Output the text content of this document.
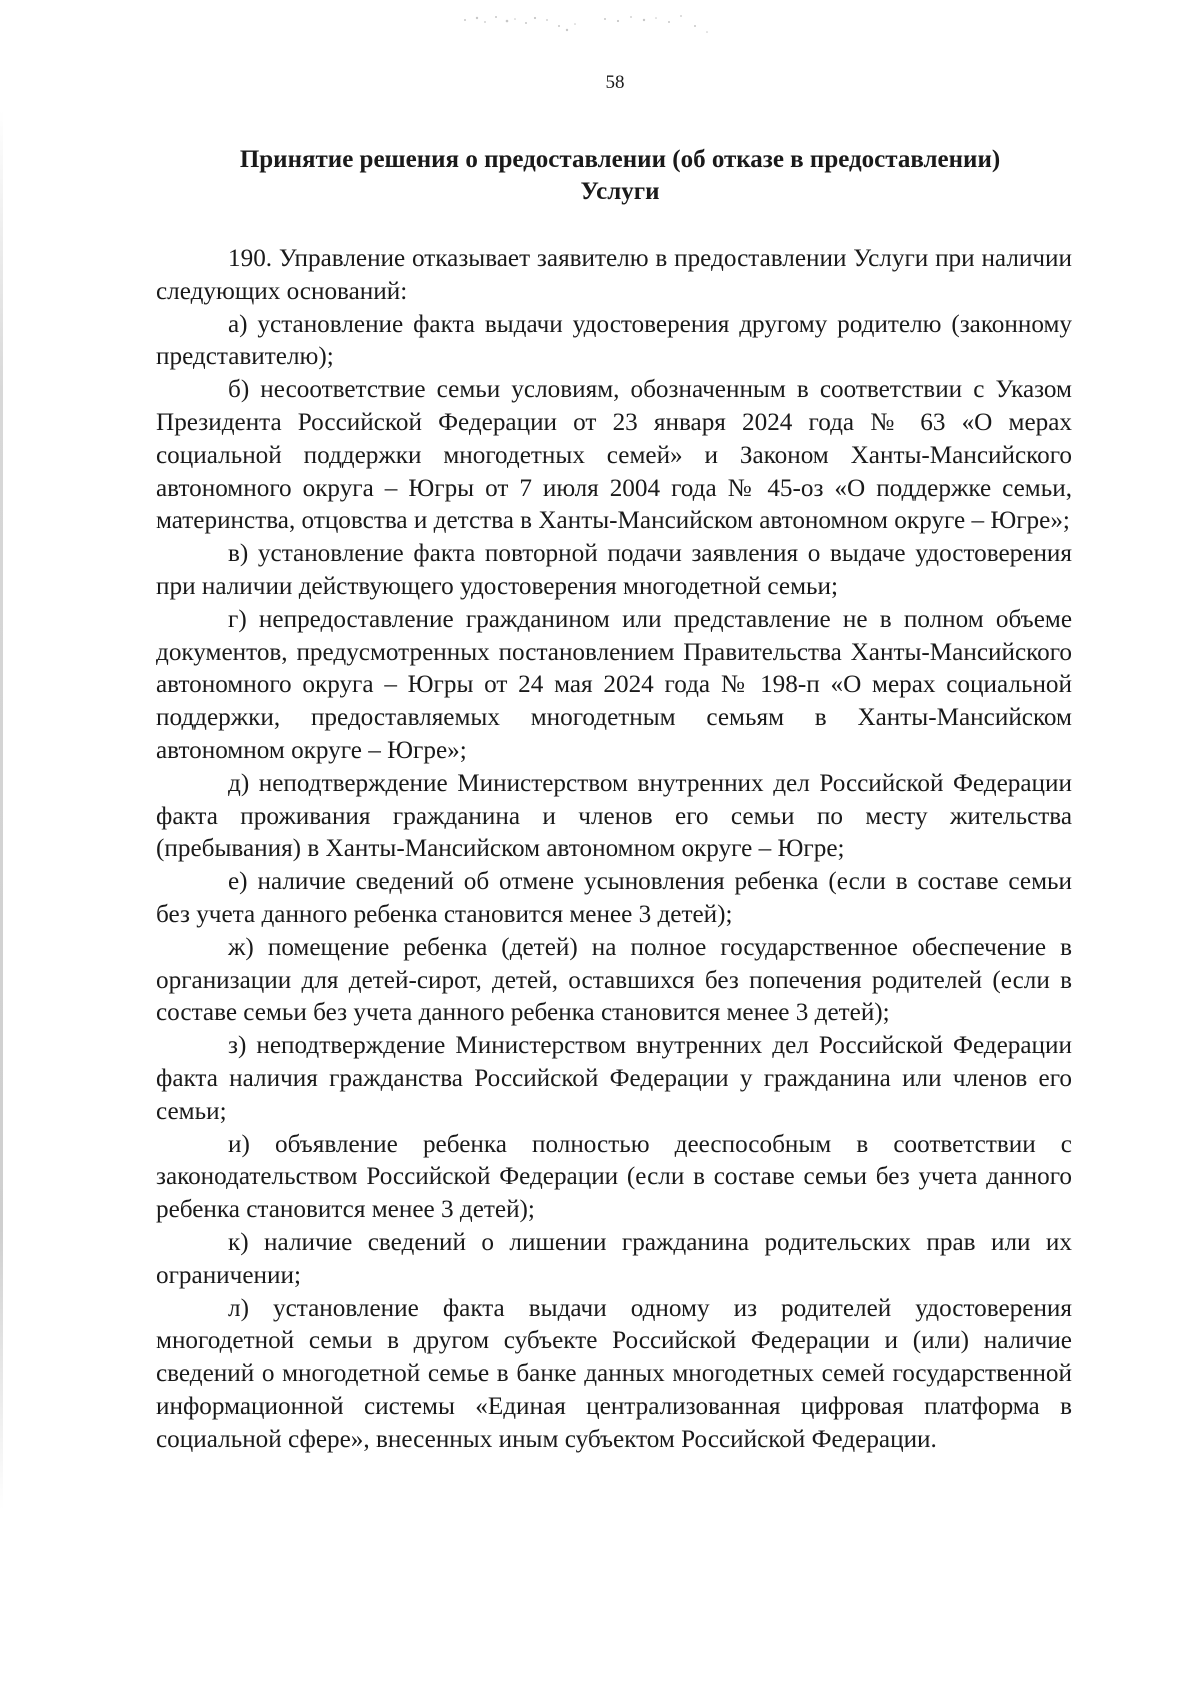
58
Принятие решения о предоставлении (об отказе в предоставлении)
Услуги

190. Управление отказывает заявителю в предоставлении Услуги при наличии следующих оснований:

а) установление факта выдачи удостоверения другому родителю (законному представителю);

б) несоответствие семьи условиям, обозначенным в соответствии с Указом Президента Российской Федерации от 23 января 2024 года № 63 «О мерах социальной поддержки многодетных семей» и Законом Ханты-Мансийского автономного округа – Югры от 7 июля 2004 года № 45-оз «О поддержке семьи, материнства, отцовства и детства в Ханты-Мансийском автономном округе – Югре»;

в) установление факта повторной подачи заявления о выдаче удостоверения при наличии действующего удостоверения многодетной семьи;

г) непредоставление гражданином или представление не в полном объеме документов, предусмотренных постановлением Правительства Ханты-Мансийского автономного округа – Югры от 24 мая 2024 года № 198-п «О мерах социальной поддержки, предоставляемых многодетным семьям в Ханты-Мансийском автономном округе – Югре»;

д) неподтверждение Министерством внутренних дел Российской Федерации факта проживания гражданина и членов его семьи по месту жительства (пребывания) в Ханты-Мансийском автономном округе – Югре;

е) наличие сведений об отмене усыновления ребенка (если в составе семьи без учета данного ребенка становится менее 3 детей);

ж) помещение ребенка (детей) на полное государственное обеспечение в организации для детей-сирот, детей, оставшихся без попечения родителей (если в составе семьи без учета данного ребенка становится менее 3 детей);

з) неподтверждение Министерством внутренних дел Российской Федерации факта наличия гражданства Российской Федерации у гражданина или членов его семьи;

и) объявление ребенка полностью дееспособным в соответствии с законодательством Российской Федерации (если в составе семьи без учета данного ребенка становится менее 3 детей);

к) наличие сведений о лишении гражданина родительских прав или их ограничении;

л) установление факта выдачи одному из родителей удостоверения многодетной семьи в другом субъекте Российской Федерации и (или) наличие сведений о многодетной семье в банке данных многодетных семей государственной информационной системы «Единая централизованная цифровая платформа в социальной сфере», внесенных иным субъектом Российской Федерации.
